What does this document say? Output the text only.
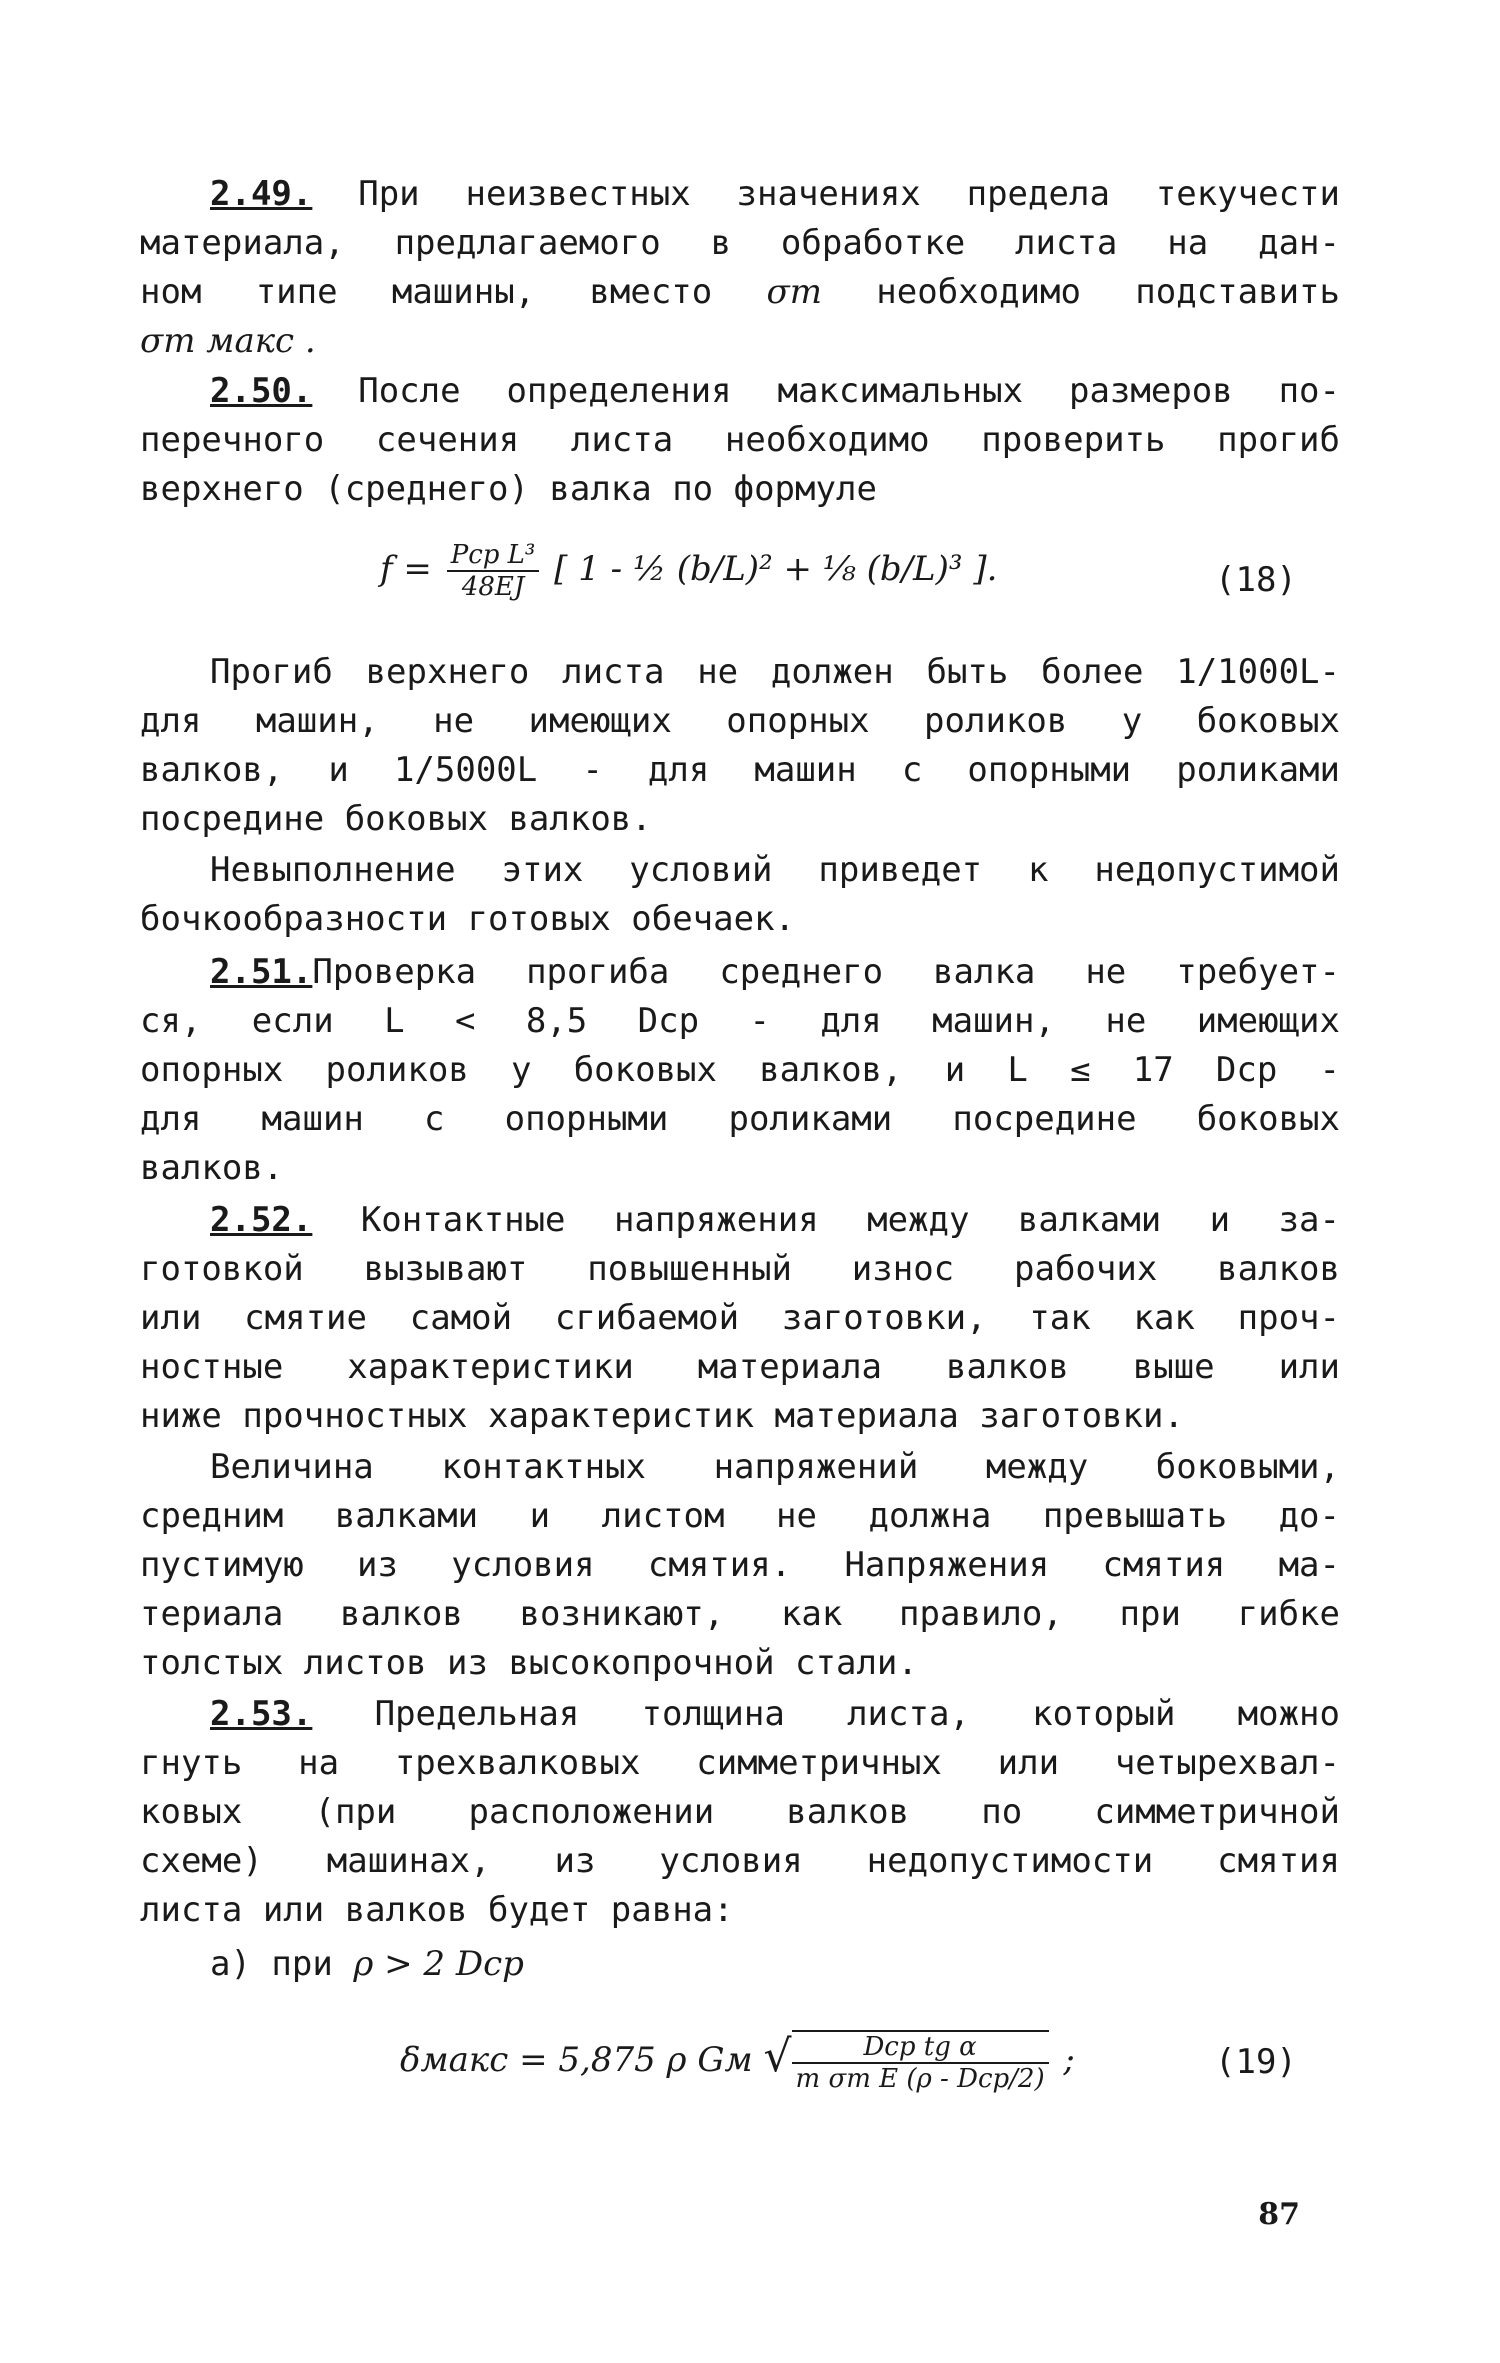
2.49. При неизвестных значениях предела текучести
материала, предлагаемого в обработке листа на дан-
ном типе машины, вместо σт необходимо подставить
σт макс .

2.50. После определения максимальных размеров по-
перечного сечения листа необходимо проверить прогиб
верхнего (среднего) валка по формуле

$f = \frac{\text{Pср L³}}{48EJ}$ [ 1 - ½ (b/L)² + ⅛ (b/L)³ ].	(18)

Прогиб верхнего листа не должен быть более 1/1000L-
для машин, не имеющих опорных роликов у боковых
валков, и 1/5000L - для машин с опорными роликами
посредине боковых валков.

Невыполнение этих условий приведет к недопустимой
бочкообразности готовых обечаек.

2.51.Проверка прогиба среднего валка не требует-
ся, если L < 8,5 Dср - для машин, не имеющих
опорных роликов у боковых валков, и L ≤ 17 Dср -
для машин с опорными роликами посредине боковых
валков.

2.52. Контактные напряжения между валками и за-
готовкой вызывают повышенный износ рабочих валков
или смятие самой сгибаемой заготовки, так как проч-
ностные характеристики материала валков выше или
ниже прочностных характеристик материала заготовки.

Величина контактных напряжений между боковыми,
средним валками и листом не должна превышать до-
пустимую из условия смятия. Напряжения смятия ма-
териала валков возникают, как правило, при гибке
толстых листов из высокопрочной стали.

2.53. Предельная толщина листа, который можно
гнуть на трехвалковых симметричных или четырехвал-
ковых (при расположении валков по симметричной
схеме) машинах, из условия недопустимости смятия
листа или валков будет равна:

а) при ρ > 2 Dср
δмакс = 5,875 ρ Gм √ $\frac{\text{Dср tg α}}{\text{m σт E (ρ - Dср/2)}}$ ;	(19)
87
